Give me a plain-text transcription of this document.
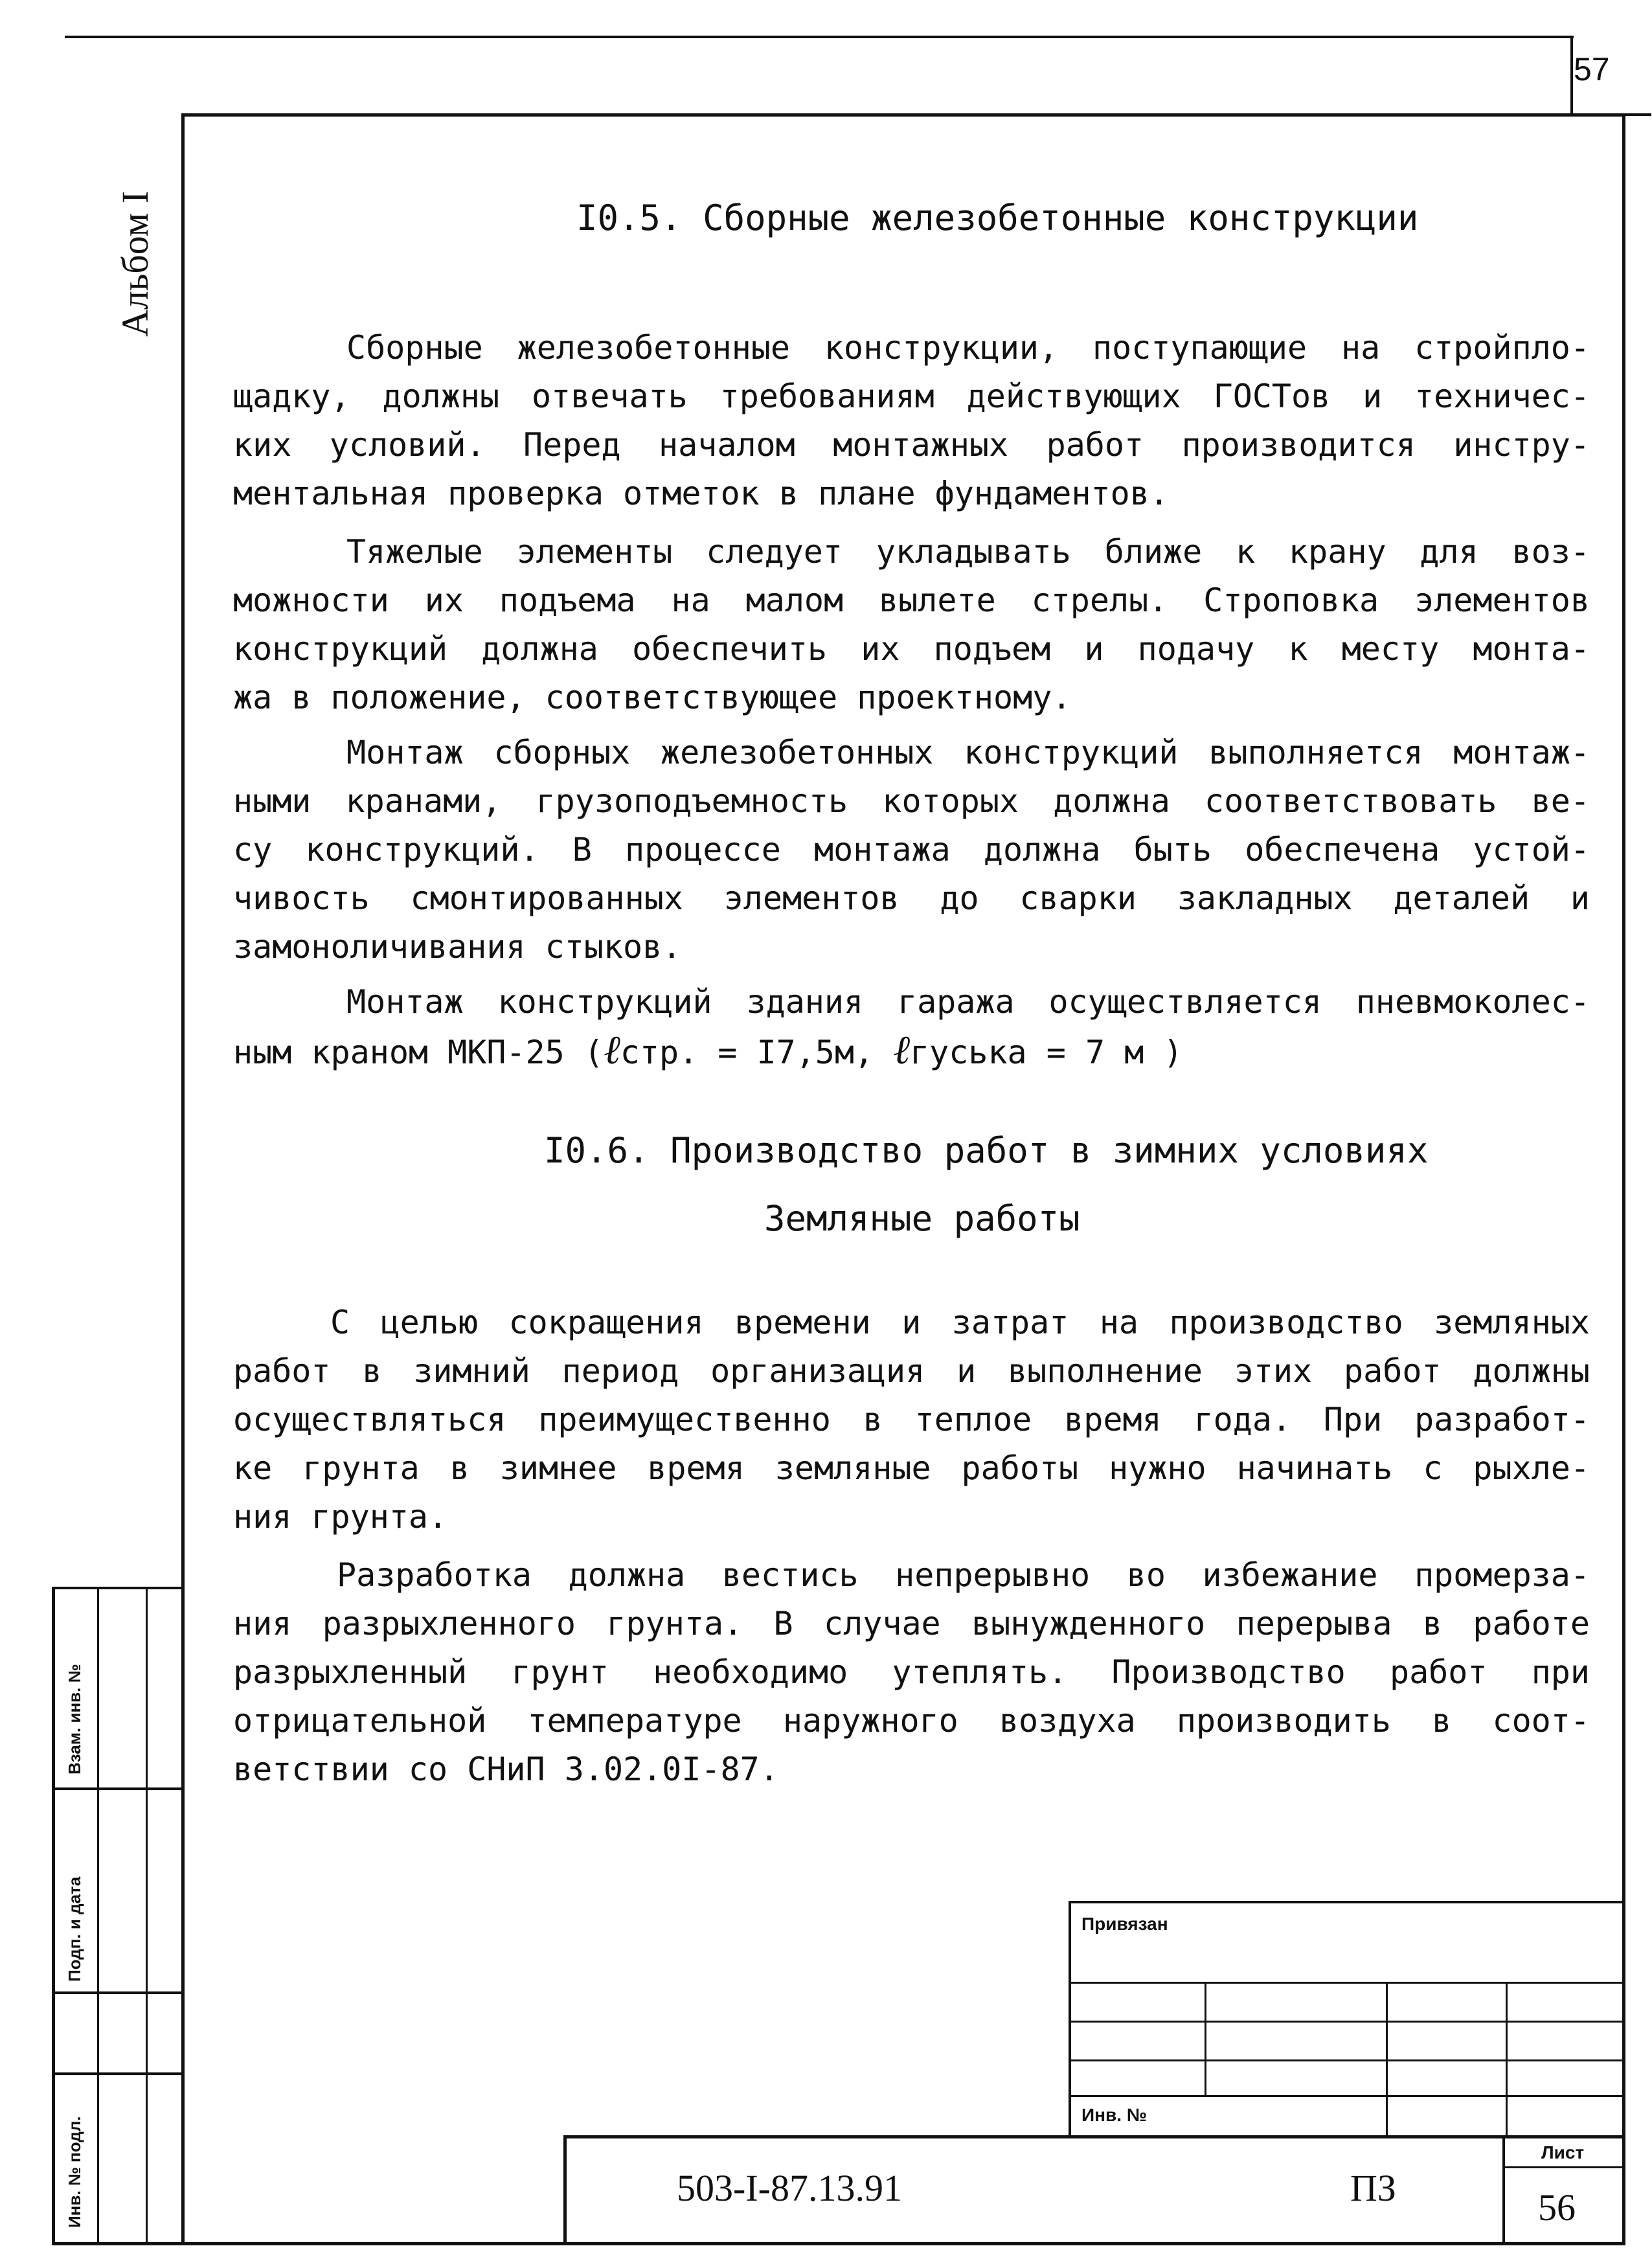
57
Альбом I	I0.5. Сборные железобетонные конструкции
Сборные железобетонные конструкции, поступающие на стройпло-
щадку, должны отвечать требованиям действующих ГОСТов и техничес-
ких условий. Перед началом монтажных работ производится инстру-
ментальная проверка отметок в плане фундаментов.
Тяжелые элементы следует укладывать ближе к крану для воз-
можности их подъема на малом вылете стрелы. Строповка элементов
конструкций должна обеспечить их подъем и подачу к месту монта-
жа в положение, соответствующее проектному.
Монтаж сборных железобетонных конструкций выполняется монтаж-
ными кранами, грузоподъемность которых должна соответствовать ве-
су конструкций. В процессе монтажа должна быть обеспечена устой-
чивость смонтированных элементов до сварки закладных деталей и
замоноличивания стыков.
Монтаж конструкций здания гаража осуществляется пневмоколес-
ным краном МКП-25 (ℓстр. = I7,5м, ℓгуська = 7 м )
I0.6. Производство работ в зимних условиях
Земляные работы
С целью сокращения времени и затрат на производство земляных
работ в зимний период организация и выполнение этих работ должны
осуществляться преимущественно в теплое время года. При разработ-
ке грунта в зимнее время земляные работы нужно начинать с рыхле-
ния грунта.
Разработка должна вестись непрерывно во избежание промерза-
ния разрыхленного грунта. В случае вынужденного перерыва в работе
разрыхленный грунт необходимо утеплять. Производство работ при
отрицательной температуре наружного воздуха производить в соот-
ветствии со СНиП 3.02.0I-87.
Взам. инв. №
Подп. и дата
Инв. № подл.
Привязан
Инв. №
503-I-87.13.91	ПЗ
Лист
56
